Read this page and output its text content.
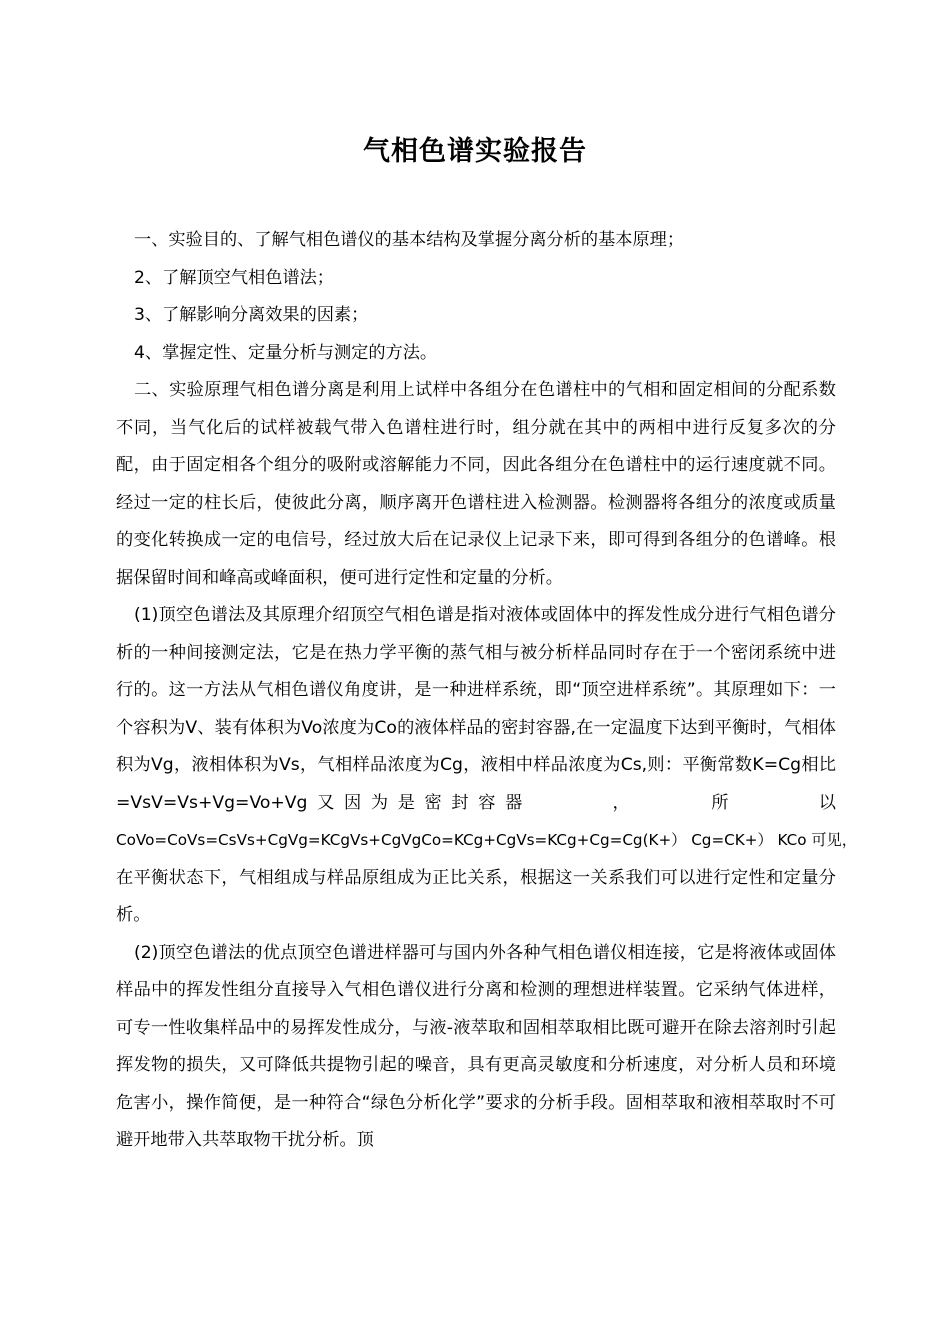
气相色谱实验报告

一、实验目的、了解气相色谱仪的基本结构及掌握分离分析的基本原理；

2、了解顶空气相色谱法；

3、了解影响分离效果的因素；

4、掌握定性、定量分析与测定的方法。

二、实验原理气相色谱分离是利用上试样中各组分在色谱柱中的气相和固定相间的分配系数不同，当气化后的试样被载气带入色谱柱进行时，组分就在其中的两相中进行反复多次的分配，由于固定相各个组分的吸附或溶解能力不同，因此各组分在色谱柱中的运行速度就不同。经过一定的柱长后，使彼此分离，顺序离开色谱柱进入检测器。检测器将各组分的浓度或质量的变化转换成一定的电信号，经过放大后在记录仪上记录下来，即可得到各组分的色谱峰。根据保留时间和峰高或峰面积，便可进行定性和定量的分析。

(1)顶空色谱法及其原理介绍顶空气相色谱是指对液体或固体中的挥发性成分进行气相色谱分析的一种间接测定法，它是在热力学平衡的蒸气相与被分析样品同时存在于一个密闭系统中进行的。这一方法从气相色谱仪角度讲，是一种进样系统，即“顶空进样系统”。其原理如下：一个容积为V、装有体积为Vo浓度为Co的液体样品的密封容器,在一定温度下达到平衡时，气相体积为Vg，液相体积为Vs，气相样品浓度为Cg，液相中样品浓度为Cs,则：平衡常数K=Cg相比=VsV=Vs+Vg=Vo+Vg又因为是密封容器　　　，　　　所　　　以

CoVo=CoVs=CsVs+CgVg=KCgVs+CgVgCo=KCg+CgVs=KCg+Cg=Cg(K+） Cg=CK+） KCo 可见，

在平衡状态下，气相组成与样品原组成为正比关系，根据这一关系我们可以进行定性和定量分析。

(2)顶空色谱法的优点顶空色谱进样器可与国内外各种气相色谱仪相连接，它是将液体或固体样品中的挥发性组分直接导入气相色谱仪进行分离和检测的理想进样装置。它采纳气体进样，可专一性收集样品中的易挥发性成分，与液-液萃取和固相萃取相比既可避开在除去溶剂时引起挥发物的损失，又可降低共提物引起的噪音，具有更高灵敏度和分析速度，对分析人员和环境危害小，操作简便，是一种符合“绿色分析化学”要求的分析手段。固相萃取和液相萃取时不可避开地带入共萃取物干扰分析。顶
